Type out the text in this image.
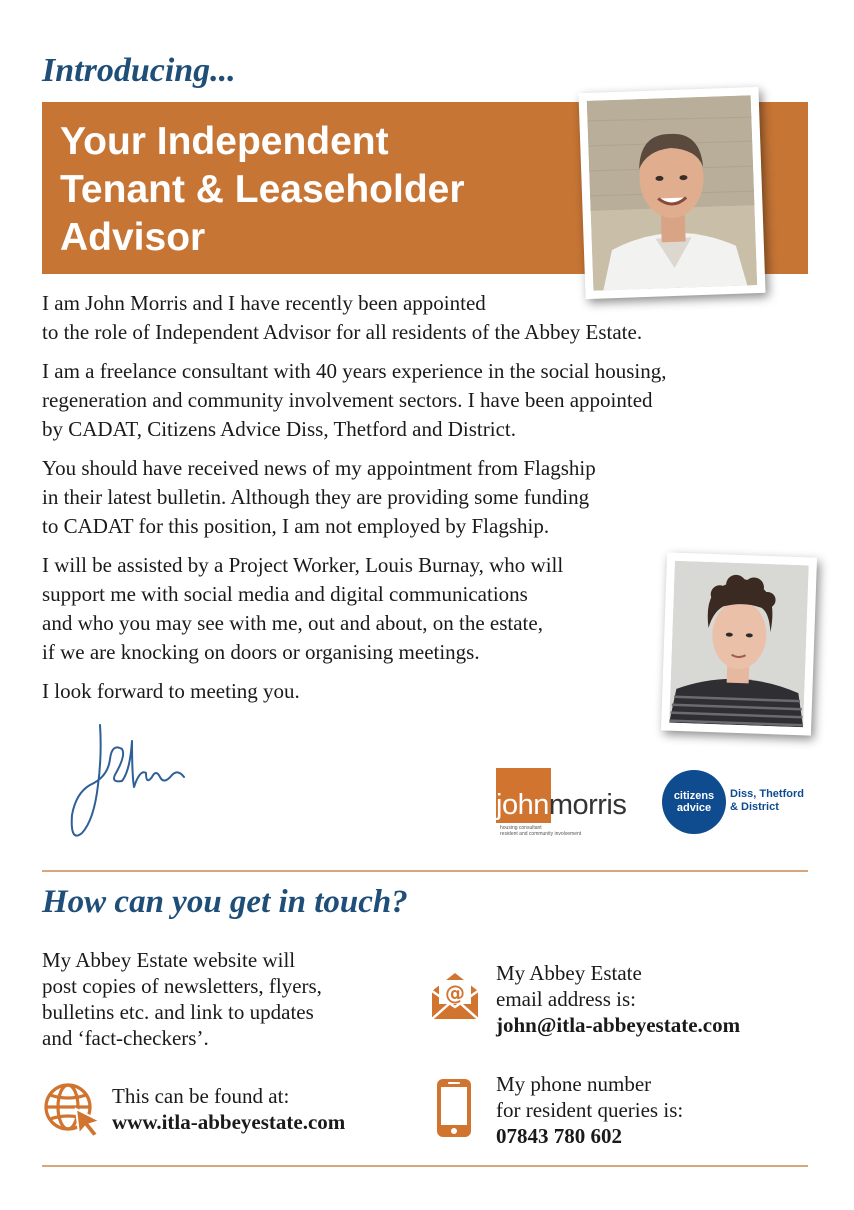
Introducing...
Your Independent
Tenant & Leaseholder
Advisor
I am John Morris and I have recently been appointed
to the role of Independent Advisor for all residents of the Abbey Estate.
I am a freelance consultant with 40 years experience in the social housing,
regeneration and community involvement sectors. I have been appointed
by CADAT, Citizens Advice Diss, Thetford and District.
You should have received news of my appointment from Flagship
in their latest bulletin. Although they are providing some funding
to CADAT for this position, I am not employed by Flagship.
I will be assisted by a Project Worker, Louis Burnay, who will
support me with social media and digital communications
and who you may see with me, out and about, on the estate,
if we are knocking on doors or organising meetings.
I look forward to meeting you.
johnmorris
housing consultant
resident and community involvement
citizens
advice
Diss, Thetford
& District
How can you get in touch?
My Abbey Estate website will
post copies of newsletters, flyers,
bulletins etc. and link to updates
and ‘fact-checkers’.
This can be found at:
www.itla-abbeyestate.com
@
My Abbey Estate
email address is:
john@itla-abbeyestate.com
My phone number
for resident queries is:
07843 780 602
